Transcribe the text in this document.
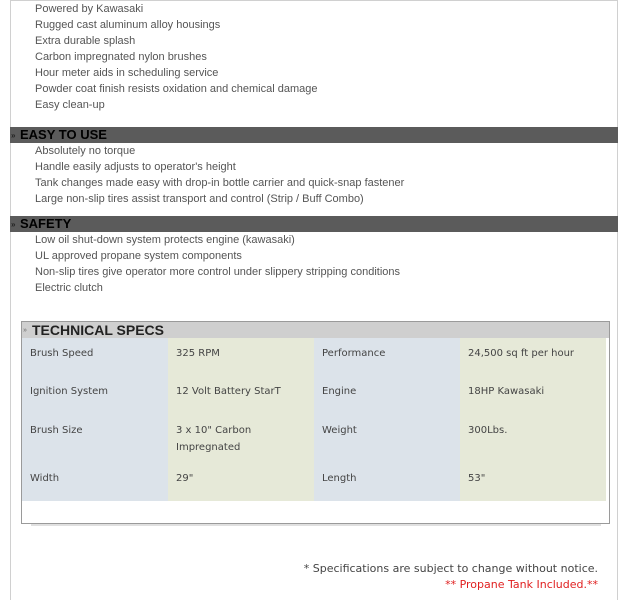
Powered by Kawasaki
Rugged cast aluminum alloy housings
Extra durable splash
Carbon impregnated nylon brushes
Hour meter aids in scheduling service
Powder coat finish resists oxidation and chemical damage
Easy clean-up
» EASY TO USE
Absolutely no torque
Handle easily adjusts to operator's height
Tank changes made easy with drop-in bottle carrier and quick-snap fastener
Large non-slip tires assist transport and control (Strip / Buff Combo)
» SAFETY
Low oil shut-down system protects engine (kawasaki)
UL approved propane system components
Non-slip tires give operator more control under slippery stripping conditions
Electric clutch
» TECHNICAL SPECS
Brush Speed	325 RPM	Performance	24,500 sq ft per hour
Ignition System	12 Volt Battery StarT	Engine	18HP Kawasaki
Brush Size	3 x 10" Carbon Impregnated	Weight	300Lbs.
Width	29"	Length	53"
* Specifications are subject to change without notice.
** Propane Tank Included.**
